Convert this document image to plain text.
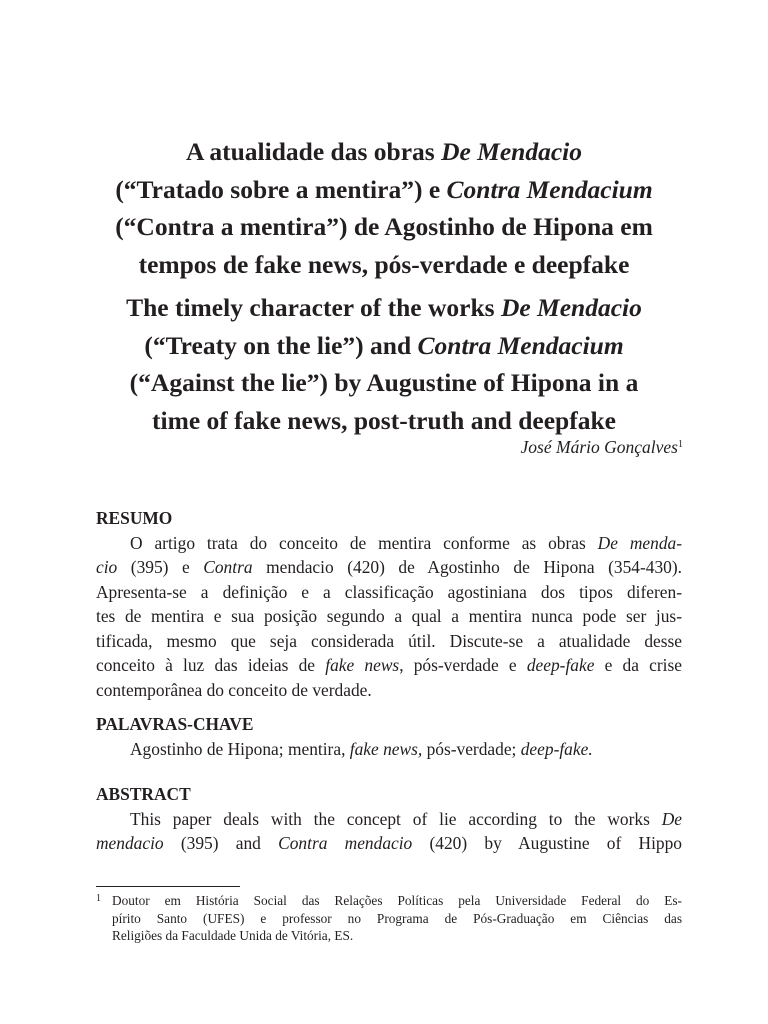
A atualidade das obras De Mendacio
(“Tratado sobre a mentira”) e Contra Mendacium
(“Contra a mentira”) de Agostinho de Hipona em
tempos de fake news, pós-verdade e deepfake
The timely character of the works De Mendacio
(“Treaty on the lie”) and Contra Mendacium
(“Against the lie”) by Augustine of Hipona in a
time of fake news, post-truth and deepfake
José Mário Gonçalves$^1$
RESUMO
O artigo trata do conceito de mentira conforme as obras De menda-
cio (395) e Contra mendacio (420) de Agostinho de Hipona (354-430).
Apresenta-se a definição e a classificação agostiniana dos tipos diferen-
tes de mentira e sua posição segundo a qual a mentira nunca pode ser jus-
tificada, mesmo que seja considerada útil. Discute-se a atualidade desse
conceito à luz das ideias de fake news, pós-verdade e deep-fake e da crise
contemporânea do conceito de verdade.
PALAVRAS-CHAVE
Agostinho de Hipona; mentira, fake news, pós-verdade; deep-fake.
ABSTRACT
This paper deals with the concept of lie according to the works De
mendacio (395) and Contra mendacio (420) by Augustine of Hippo
1 Doutor em História Social das Relações Políticas pela Universidade Federal do Es-
pírito Santo (UFES) e professor no Programa de Pós-Graduação em Ciências das
Religiões da Faculdade Unida de Vitória, ES.
